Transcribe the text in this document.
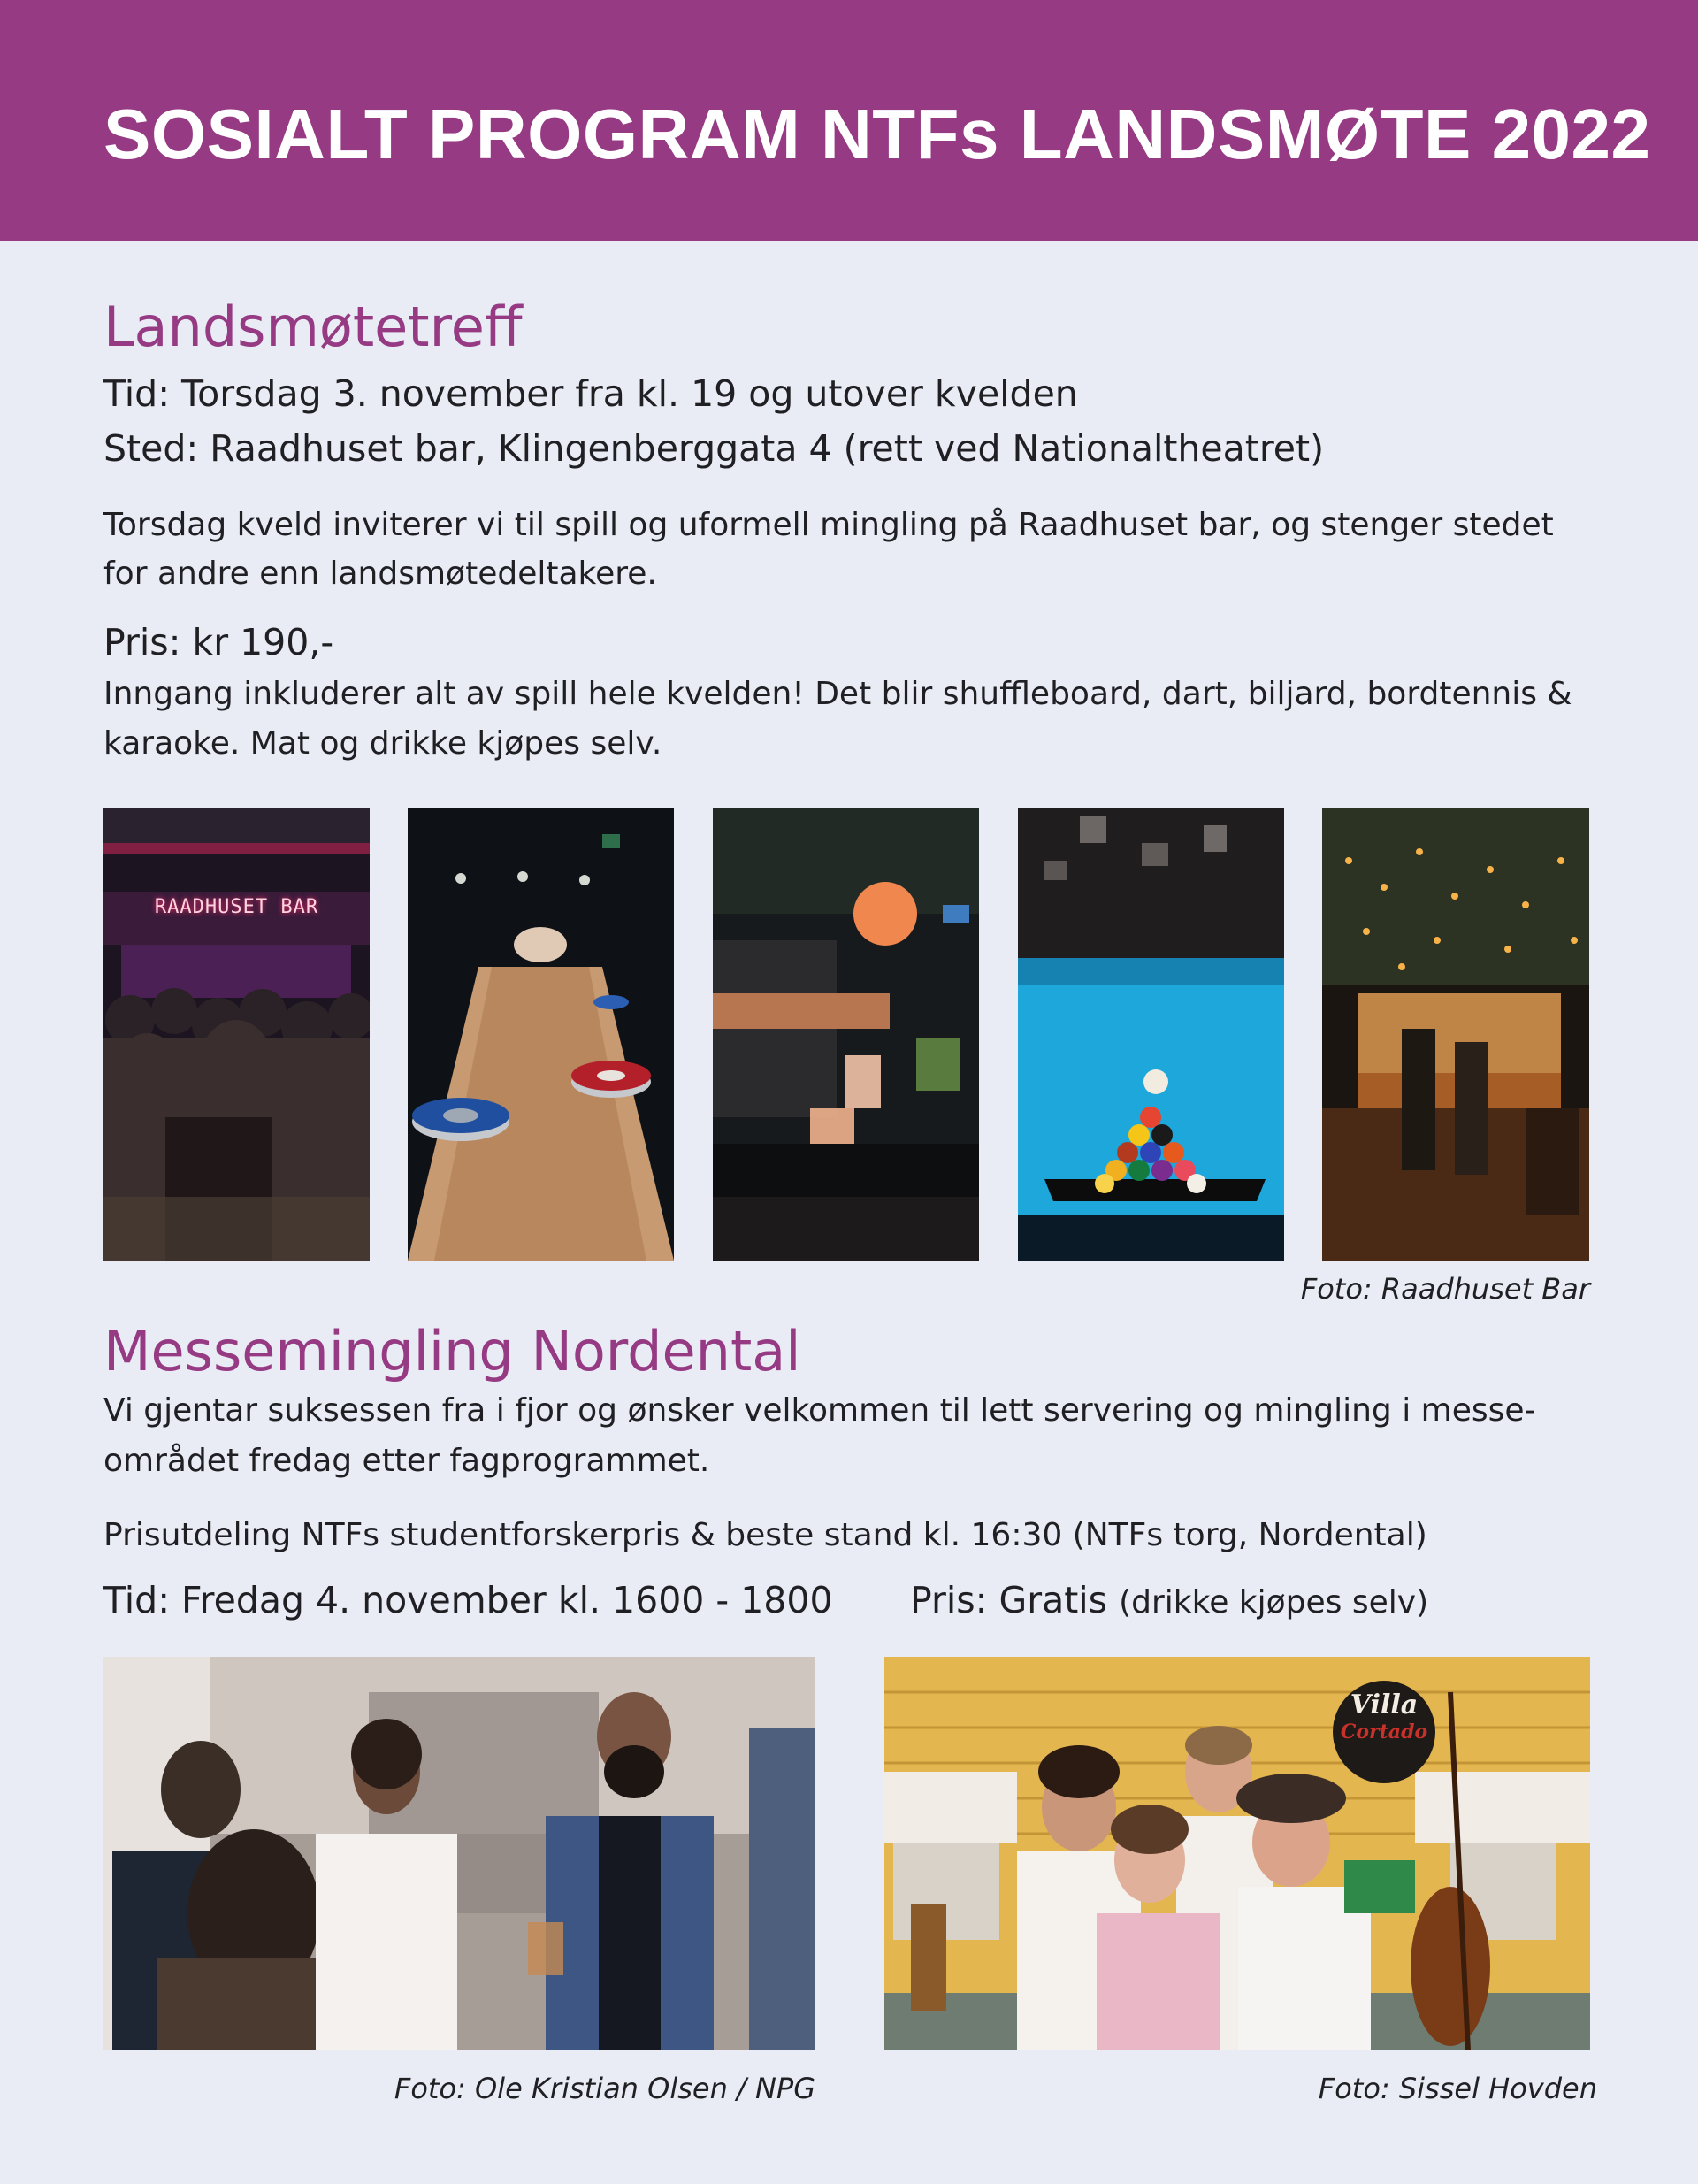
SOSIALT PROGRAM NTFs LANDSMØTE 2022
Landsmøtetreff

Tid: Torsdag 3. november fra kl. 19 og utover kvelden

Sted: Raadhuset bar, Klingenberggata 4 (rett ved Nationaltheatret)

Torsdag kveld inviterer vi til spill og uformell mingling på Raadhuset bar, og stenger stedet

for andre enn landsmøtedeltakere.

Pris: kr 190,-

Inngang inkluderer alt av spill hele kvelden! Det blir shuffleboard, dart, biljard, bordtennis &

karaoke. Mat og drikke kjøpes selv.

RAADHUSET BAR
Foto: Raadhuset Bar
Messemingling Nordental

Vi gjentar suksessen fra i fjor og ønsker velkommen til lett servering og mingling i messe-

området fredag etter fagprogrammet.

Prisutdeling NTFs studentforskerpris & beste stand kl. 16:30 (NTFs torg, Nordental)

Tid: Fredag 4. november kl. 1600 - 1800 Pris: Gratis (drikke kjøpes selv)

Villa
Cortado
Foto: Ole Kristian Olsen / NPG	Foto: Sissel Hovden
